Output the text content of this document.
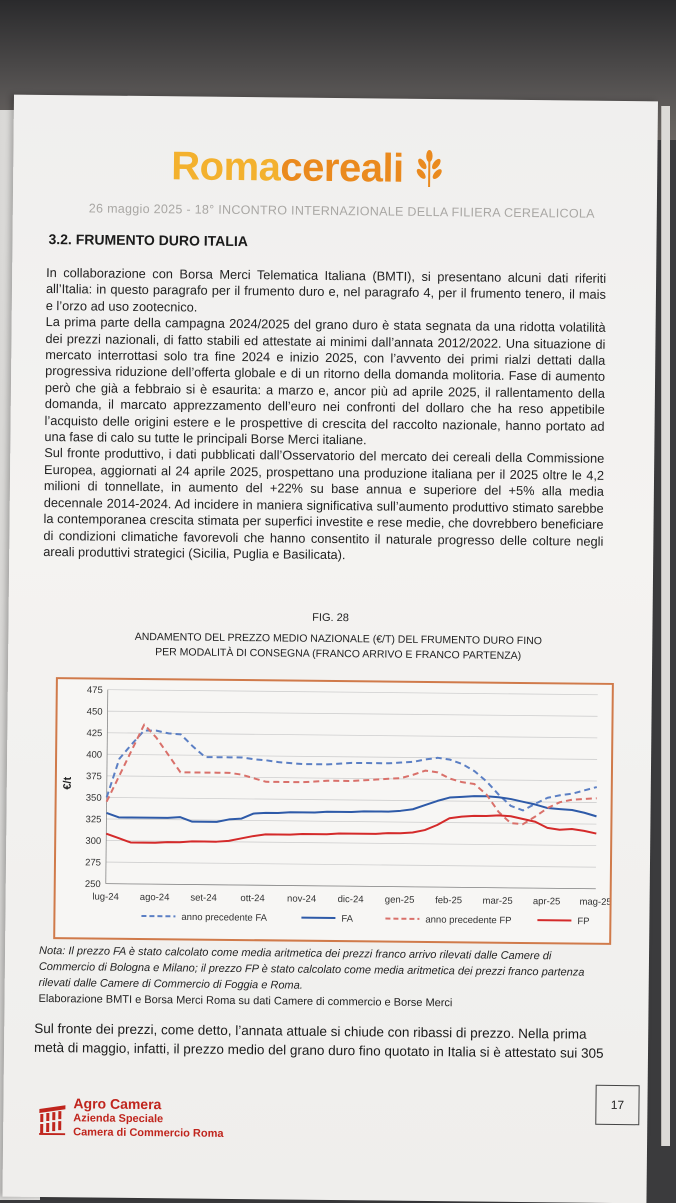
Roma cereali
26 maggio 2025 - 18° INCONTRO INTERNAZIONALE DELLA FILIERA CEREALICOLA
3.2. FRUMENTO DURO ITALIA

In collaborazione con Borsa Merci Telematica Italiana (BMTI), si presentano alcuni dati riferiti all’Italia: in questo paragrafo per il frumento duro e, nel paragrafo 4, per il frumento tenero, il mais e l’orzo ad uso zootecnico.

La prima parte della campagna 2024/2025 del grano duro è stata segnata da una ridotta volatilità dei prezzi nazionali, di fatto stabili ed attestate ai minimi dall’annata 2012/2022. Una situazione di mercato interrottasi solo tra fine 2024 e inizio 2025, con l’avvento dei primi rialzi dettati dalla progressiva riduzione dell’offerta globale e di un ritorno della domanda molitoria. Fase di aumento però che già a febbraio si è esaurita: a marzo e, ancor più ad aprile 2025, il rallentamento della domanda, il marcato apprezzamento dell’euro nei confronti del dollaro che ha reso appetibile l’acquisto delle origini estere e le prospettive di crescita del raccolto nazionale, hanno portato ad una fase di calo su tutte le principali Borse Merci italiane.

Sul fronte produttivo, i dati pubblicati dall’Osservatorio del mercato dei cereali della Commissione Europea, aggiornati al 24 aprile 2025, prospettano una produzione italiana per il 2025 oltre le 4,2 milioni di tonnellate, in aumento del +22% su base annua e superiore del +5% alla media decennale 2014-2024. Ad incidere in maniera significativa sull’aumento produttivo stimato sarebbe la contemporanea crescita stimata per superfici investite e rese medie, che dovrebbero beneficiare di condizioni climatiche favorevoli che hanno consentito il naturale progresso delle colture negli areali produttivi strategici (Sicilia, Puglia e Basilicata).

FIG. 28
ANDAMENTO DEL PREZZO MEDIO NAZIONALE (€/T) DEL FRUMENTO DURO FINO
PER MODALITÀ DI CONSEGNA (FRANCO ARRIVO E FRANCO PARTENZA)
250
275
300
325
350
375
400
425
450
475
lug-24 ago-24 set-24 ott-24 nov-24 dic-24 gen-25 feb-25 mar-25 apr-25 mag-25
anno precedente FA	FA	anno precedente FP	FP
€/t
Nota: Il prezzo FA è stato calcolato come media aritmetica dei prezzi franco arrivo rilevati dalle Camere di Commercio di Bologna e Milano; il prezzo FP è stato calcolato come media aritmetica dei prezzi franco partenza rilevati dalle Camere di Commercio di Foggia e Roma.
Elaborazione BMTI e Borsa Merci Roma su dati Camere di commercio e Borse Merci
Sul fronte dei prezzi, come detto, l’annata attuale si chiude con ribassi di prezzo. Nella prima metà di maggio, infatti, il prezzo medio del grano duro fino quotato in Italia si è attestato sui 305
Agro Camera
Azienda Speciale
Camera di Commercio Roma
17
